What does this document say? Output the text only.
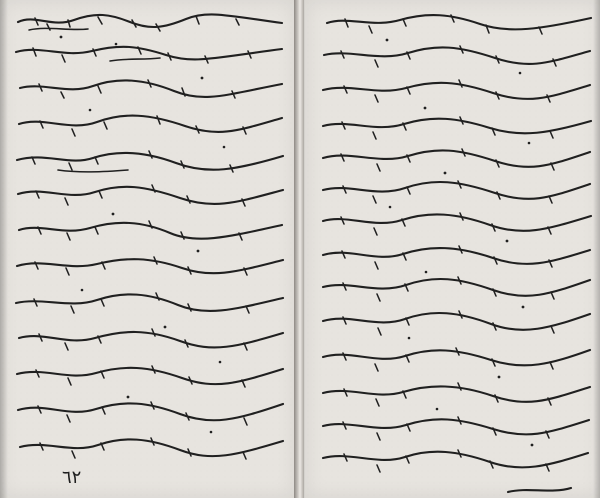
٦٢
